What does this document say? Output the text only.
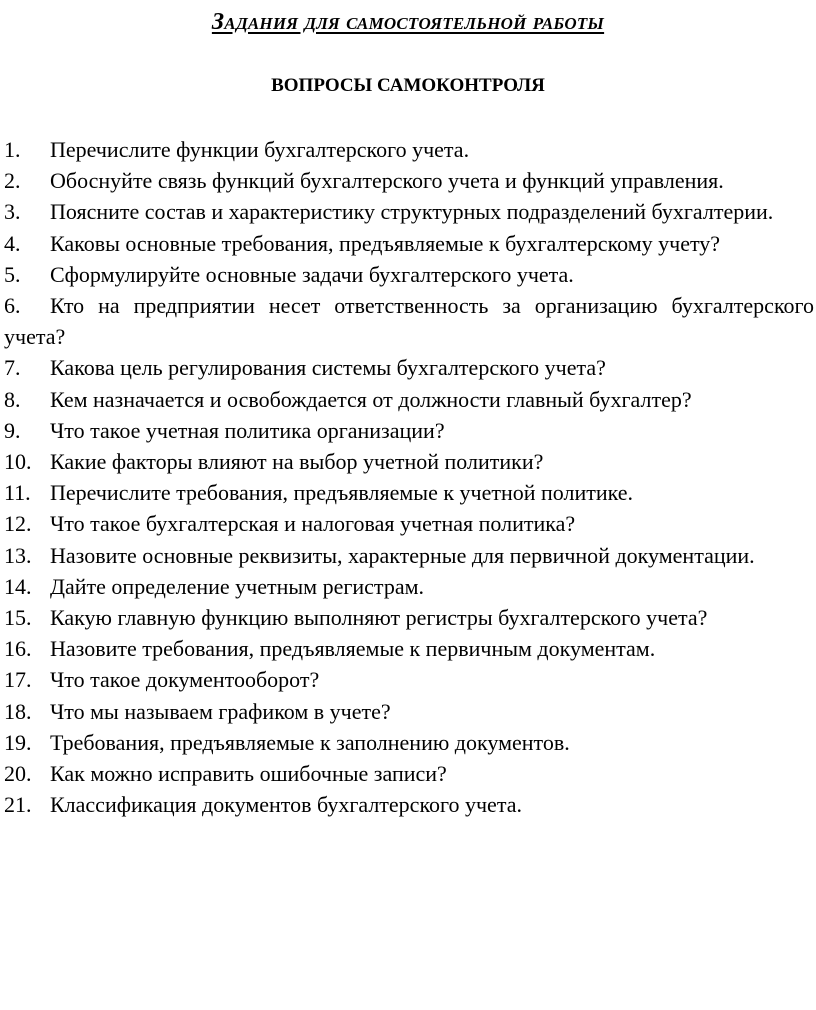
Задания для самостоятельной работы
ВОПРОСЫ САМОКОНТРОЛЯ
1. Перечислите функции бухгалтерского учета.
2. Обоснуйте связь функций бухгалтерского учета и функций управления.
3. Поясните состав и характеристику структурных подразделений бухгалтерии.
4. Каковы основные требования, предъявляемые к бухгалтерскому учету?
5. Сформулируйте основные задачи бухгалтерского учета.
6. Кто на предприятии несет ответственность за организацию бухгалтерского учета?
7. Какова цель регулирования системы бухгалтерского учета?
8. Кем назначается и освобождается от должности главный бухгалтер?
9. Что такое учетная политика организации?
10. Какие факторы влияют на выбор учетной политики?
11. Перечислите требования, предъявляемые к учетной политике.
12. Что такое бухгалтерская и налоговая учетная политика?
13. Назовите основные реквизиты, характерные для первичной документации.
14. Дайте определение учетным регистрам.
15. Какую главную функцию выполняют регистры бухгалтерского учета?
16. Назовите требования, предъявляемые к первичным документам.
17. Что такое документооборот?
18. Что мы называем графиком в учете?
19. Требования, предъявляемые к заполнению документов.
20. Как можно исправить ошибочные записи?
21. Классификация документов бухгалтерского учета.
